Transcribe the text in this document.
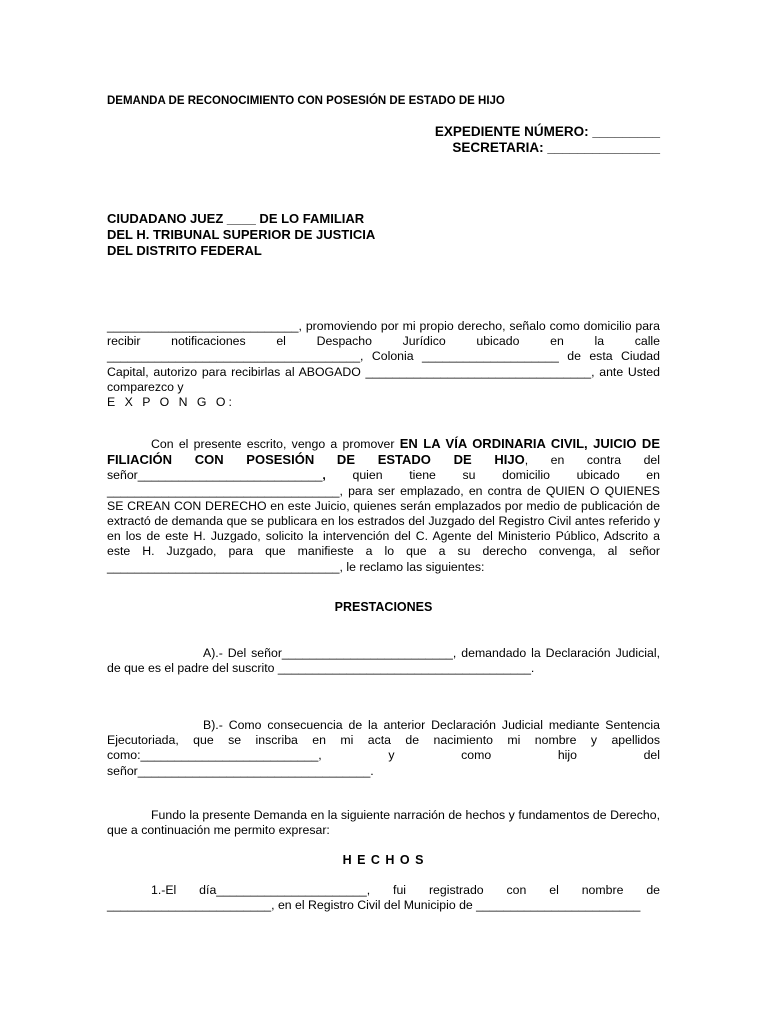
DEMANDA DE RECONOCIMIENTO CON POSESIÓN DE ESTADO DE HIJO
EXPEDIENTE NÚMERO: _________
SECRETARIA: _______________
CIUDADANO JUEZ ____ DE LO FAMILIAR
DEL H. TRIBUNAL SUPERIOR DE JUSTICIA
DEL DISTRITO FEDERAL

____________________________, promoviendo por mi propio derecho, señalo como domicilio para recibir notificaciones el Despacho Jurídico ubicado en la calle _____________________________________, Colonia ____________________ de esta Ciudad Capital, autorizo para recibirlas al ABOGADO _________________________________, ante Usted comparezco y

E X P O N G O:

Con el presente escrito, vengo a promover EN LA VÍA ORDINARIA CIVIL, JUICIO DE FILIACIÓN CON POSESIÓN DE ESTADO DE HIJO, en contra del señor___________________________, quien tiene su domicilio ubicado en __________________________________, para ser emplazado, en contra de QUIEN O QUIENES SE CREAN CON DERECHO en este Juicio, quienes serán emplazados por medio de publicación de extractó de demanda que se publicara en los estrados del Juzgado del Registro Civil antes referido y en los de este H. Juzgado, solicito la intervención del C. Agente del Ministerio Público, Adscrito a este H. Juzgado, para que manifieste a lo que a su derecho convenga, al señor __________________________________, le reclamo las siguientes:

PRESTACIONES

A).- Del señor_________________________, demandado la Declaración Judicial, de que es el padre del suscrito _____________________________________.

B).- Como consecuencia de la anterior Declaración Judicial mediante Sentencia Ejecutoriada, que se inscriba en mi acta de nacimiento mi nombre y apellidos como:__________________________, y como hijo del señor__________________________________.

Fundo la presente Demanda en la siguiente narración de hechos y fundamentos de Derecho, que a continuación me permito expresar:

H E C H O S

1.-El día______________________, fui registrado con el nombre de ________________________, en el Registro Civil del Municipio de ________________________
